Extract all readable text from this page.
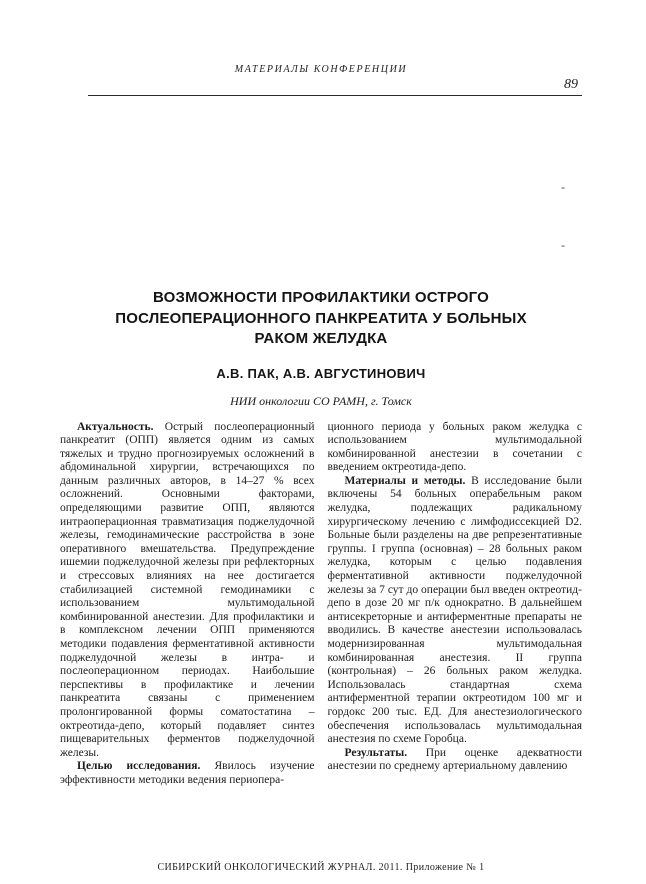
-
-
МАТЕРИАЛЫ КОНФЕРЕНЦИИ
89
ВОЗМОЖНОСТИ ПРОФИЛАКТИКИ ОСТРОГО
ПОСЛЕОПЕРАЦИОННОГО ПАНКРЕАТИТА У БОЛЬНЫХ
РАКОМ ЖЕЛУДКА
А.В. ПАК, А.В. АВГУСТИНОВИЧ
НИИ онкологии СО РАМН, г. Томск

Актуальность. Острый послеоперационный панкреатит (ОПП) является одним из самых тяжелых и трудно прогнозируемых осложнений в абдоминальной хирургии, встречающихся по данным различных авторов, в 14–27 % всех осложнений. Основными факторами, определяющими развитие ОПП, являются интраоперационная травматизация поджелудочной железы, гемодинамические расстройства в зоне оперативного вмешательства. Предупреждение ишемии поджелудочной железы при рефлекторных и стрессовых влияниях на нее достигается стабилизацией системной гемодинамики с использованием мультимодальной комбинированной анестезии. Для профилактики и в комплексном лечении ОПП применяются методики подавления ферментативной активности поджелудочной железы в интра- и послеоперационном периодах. Наибольшие перспективы в профилактике и лечении панкреатита связаны с применением пролонгированной формы соматостатина – октреотида-депо, который подавляет синтез пищеварительных ферментов поджелудочной железы.

Целью исследования. Явилось изучение эффективности методики ведения периопера-

ционного периода у больных раком желудка с использованием мультимодальной комбинированной анестезии в сочетании с введением октреотида-депо.

Материалы и методы. В исследование были включены 54 больных операбельным раком желудка, подлежащих радикальному хирургическому лечению с лимфодиссекцией D2. Больные были разделены на две репрезентативные группы. I группа (основная) – 28 больных раком желудка, которым с целью подавления ферментативной активности поджелудочной железы за 7 сут до операции был введен октреотид-депо в дозе 20 мг п/к однократно. В дальнейшем антисекреторные и антиферментные препараты не вводились. В качестве анестезии использовалась модернизированная мультимодальная комбинированная анестезия. II группа (контрольная) – 26 больных раком желудка. Использовалась стандартная схема антиферментной терапии октреотидом 100 мг и гордокс 200 тыс. ЕД. Для анестезиологического обеспечения использовалась мультимодальная анестезия по схеме Горобца.

Результаты. При оценке адекватности анестезии по среднему артериальному давлению

СИБИРСКИЙ ОНКОЛОГИЧЕСКИЙ ЖУРНАЛ. 2011. Приложение № 1
